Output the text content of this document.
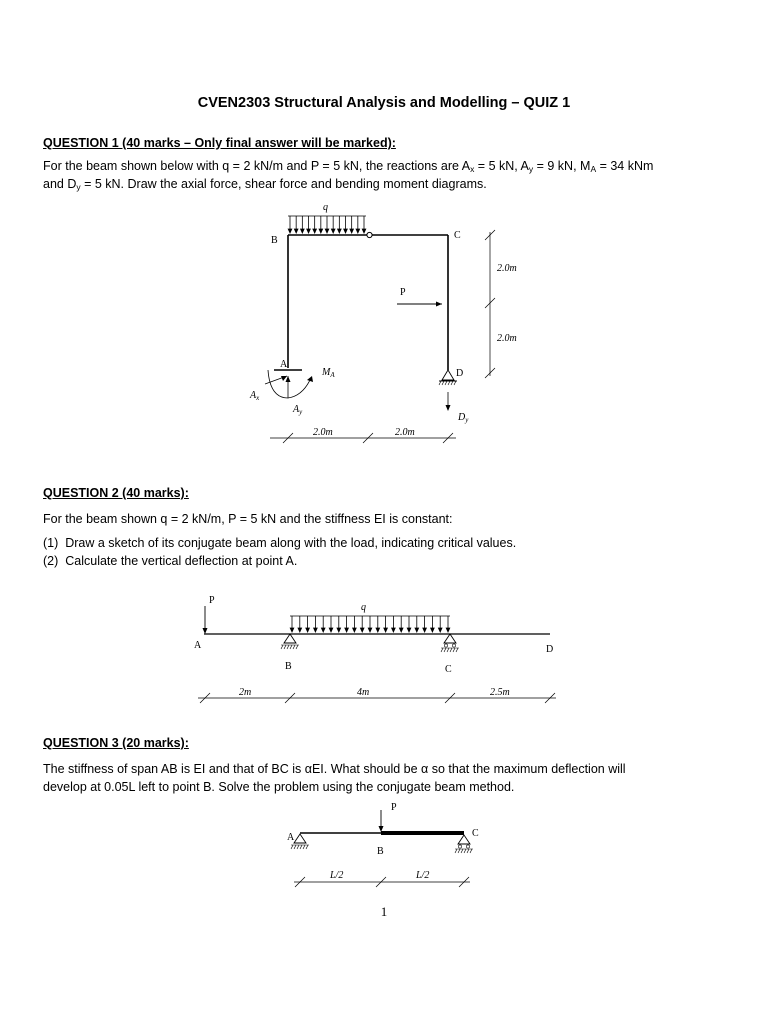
CVEN2303 Structural Analysis and Modelling – QUIZ 1
QUESTION 1 (40 marks – Only final answer will be marked):
For the beam shown below with q = 2 kN/m and P = 5 kN, the reactions are $A_x = 5$ kN, $A_y = 9$ kN, $M_A = 34$ kNm
and $D_y = 5$ kN. Draw the axial force, shear force and bending moment diagrams.
q
B	C
P
A
$M_A$
$A_x$
$A_y$
D
$D_y$
2.0m
2.0m
2.0m	2.0m
QUESTION 2 (40 marks):
For the beam shown q = 2 kN/m, P = 5 kN and the stiffness EI is constant:
(1) Draw a sketch of its conjugate beam along with the load, indicating critical values.
(2) Calculate the vertical deflection at point A.
P
A
q
B	C
D
2m	4m	2.5m
QUESTION 3 (20 marks):
The stiffness of span AB is EI and that of BC is αEI. What should be α so that the maximum deflection will
develop at 0.05L left to point B. Solve the problem using the conjugate beam method.
P
A
B
C
L/2	L/2
1
